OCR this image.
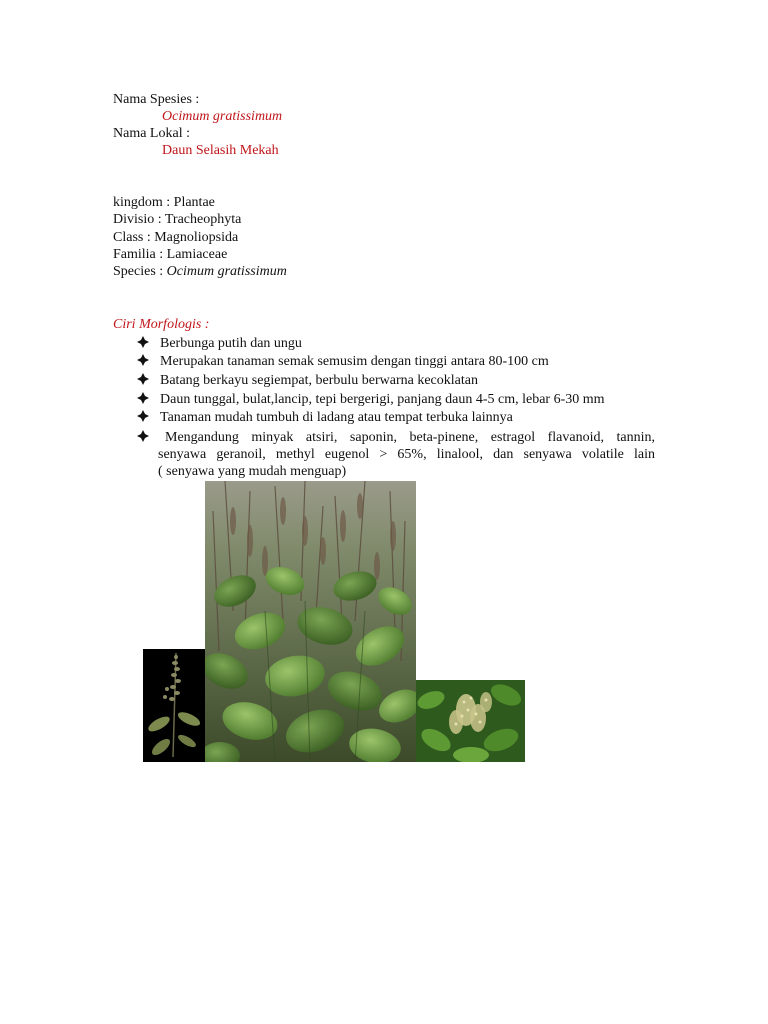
Nama Spesies :
Ocimum gratissimum
Nama Lokal :
Daun Selasih Mekah
kingdom : Plantae
Divisio : Tracheophyta
Class : Magnoliopsida
Familia : Lamiaceae
Species : Ocimum gratissimum
Ciri Morfologis :
Berbunga putih dan ungu
Merupakan tanaman semak semusim dengan tinggi antara 80-100 cm
Batang berkayu segiempat, berbulu berwarna kecoklatan
Daun tunggal, bulat,lancip, tepi bergerigi, panjang daun 4-5 cm, lebar 6-30 mm
Tanaman mudah tumbuh di ladang atau tempat terbuka lainnya
Mengandung minyak atsiri, saponin, beta-pinene, estragol flavanoid, tannin,
senyawa geranoil, methyl eugenol > 65%, linalool, dan senyawa volatile lain
( senyawa yang mudah menguap)
